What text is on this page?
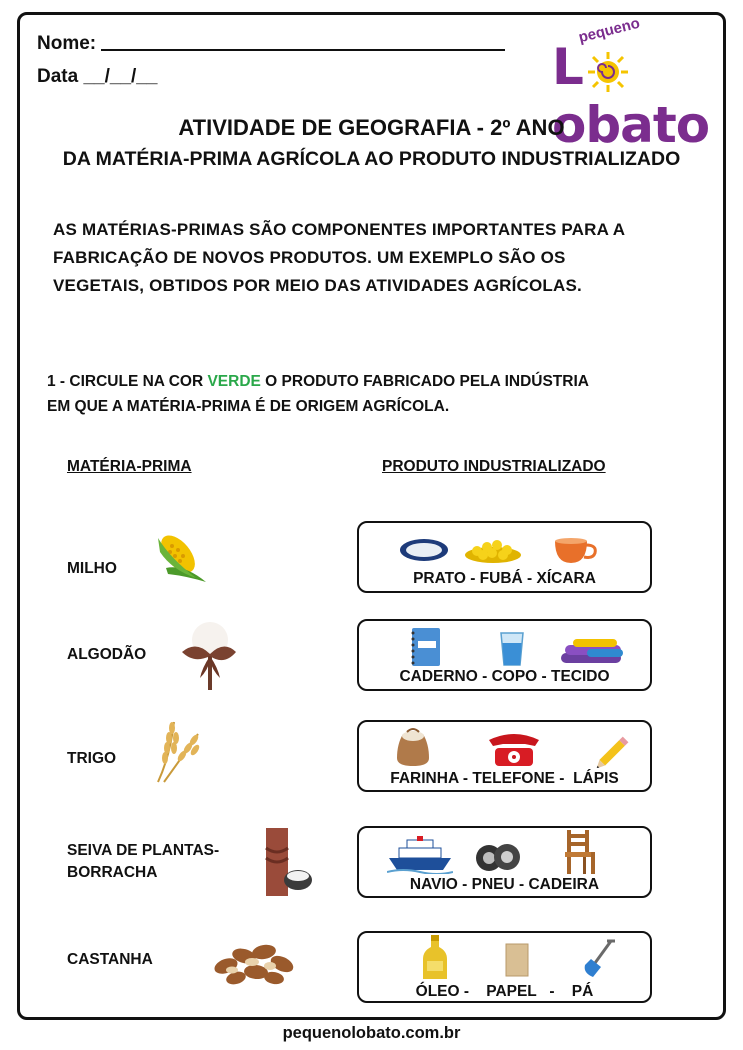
Nome:
Data __/__/__
pequeno
Lobato
ATIVIDADE DE GEOGRAFIA - 2º ANO
DA MATÉRIA-PRIMA AGRÍCOLA AO PRODUTO INDUSTRIALIZADO
AS MATÉRIAS-PRIMAS SÃO COMPONENTES IMPORTANTES PARA A
FABRICAÇÃO DE NOVOS PRODUTOS. UM EXEMPLO SÃO OS
VEGETAIS, OBTIDOS POR MEIO DAS ATIVIDADES AGRÍCOLAS.
1 - CIRCULE NA COR VERDE O PRODUTO FABRICADO PELA INDÚSTRIA
EM QUE A MATÉRIA-PRIMA É DE ORIGEM AGRÍCOLA.
MATÉRIA-PRIMA	PRODUTO INDUSTRIALIZADO
MILHO
PRATO - FUBÁ - XÍCARA
ALGODÃO
CADERNO - COPO - TECIDO
TRIGO
FARINHA - TELEFONE -  LÁPIS
SEIVA DE PLANTAS-
BORRACHA
NAVIO - PNEU - CADEIRA
CASTANHA
ÓLEO -    PAPEL   -    PÁ
pequenolobato.com.br
